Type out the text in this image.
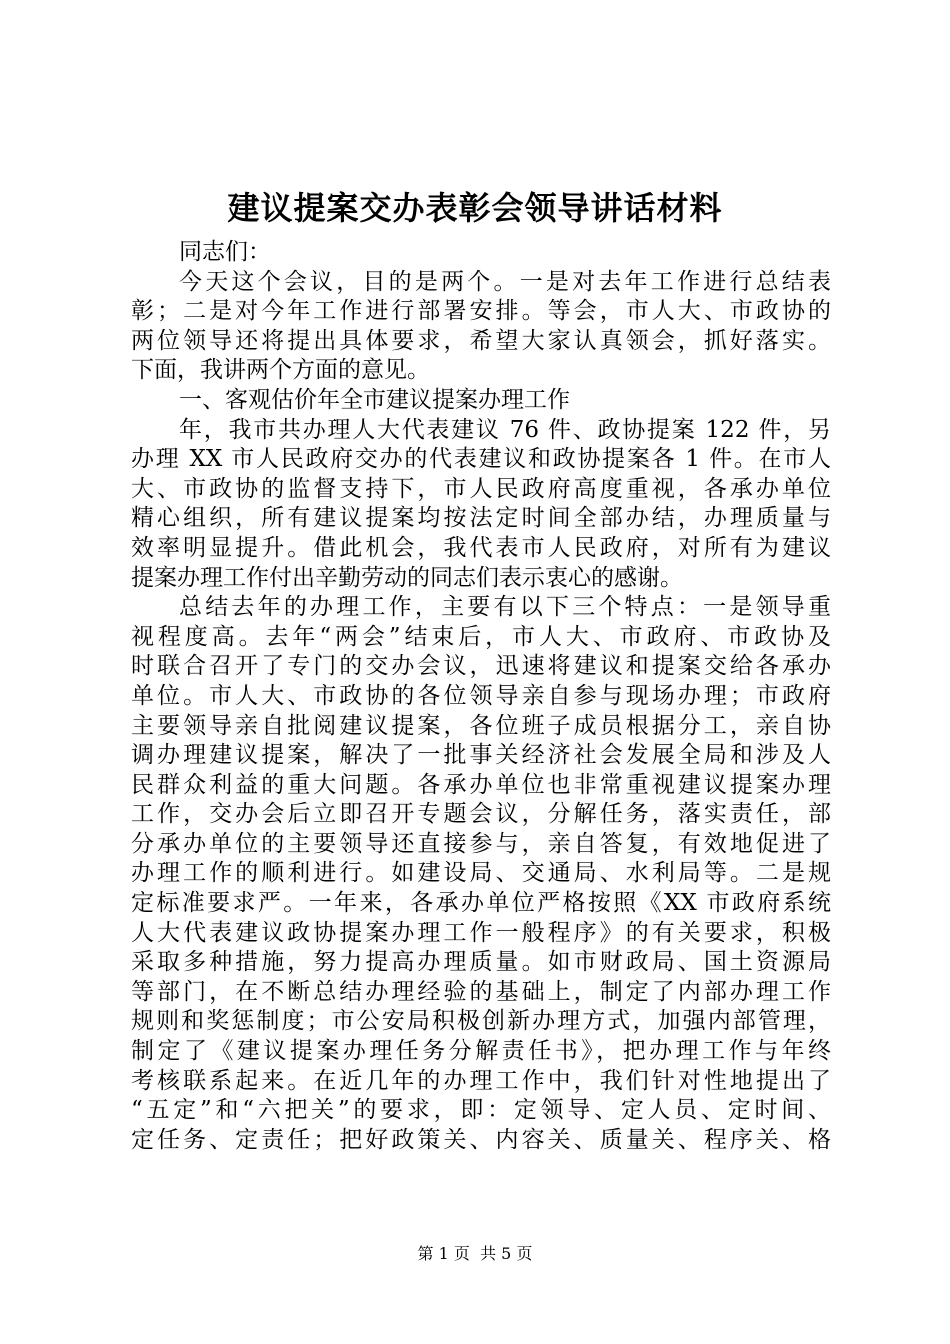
建议提案交办表彰会领导讲话材料
同志们：
今天这个会议，目的是两个。一是对去年工作进行总结表
彰；二是对今年工作进行部署安排。等会，市人大、市政协的
两位领导还将提出具体要求，希望大家认真领会，抓好落实。
下面，我讲两个方面的意见。
一、客观估价年全市建议提案办理工作
年，我市共办理人大代表建议 76 件、政协提案 122 件，另
办理 XX 市人民政府交办的代表建议和政协提案各 1 件。在市人
大、市政协的监督支持下，市人民政府高度重视，各承办单位
精心组织，所有建议提案均按法定时间全部办结，办理质量与
效率明显提升。借此机会，我代表市人民政府，对所有为建议
提案办理工作付出辛勤劳动的同志们表示衷心的感谢。
总结去年的办理工作，主要有以下三个特点：一是领导重
视程度高。去年“两会”结束后，市人大、市政府、市政协及
时联合召开了专门的交办会议，迅速将建议和提案交给各承办
单位。市人大、市政协的各位领导亲自参与现场办理；市政府
主要领导亲自批阅建议提案，各位班子成员根据分工，亲自协
调办理建议提案，解决了一批事关经济社会发展全局和涉及人
民群众利益的重大问题。各承办单位也非常重视建议提案办理
工作，交办会后立即召开专题会议，分解任务，落实责任，部
分承办单位的主要领导还直接参与，亲自答复，有效地促进了
办理工作的顺利进行。如建设局、交通局、水利局等。二是规
定标准要求严。一年来，各承办单位严格按照《XX 市政府系统
人大代表建议政协提案办理工作一般程序》的有关要求，积极
采取多种措施，努力提高办理质量。如市财政局、国土资源局
等部门，在不断总结办理经验的基础上，制定了内部办理工作
规则和奖惩制度；市公安局积极创新办理方式，加强内部管理，
制定了《建议提案办理任务分解责任书》，把办理工作与年终
考核联系起来。在近几年的办理工作中，我们针对性地提出了
“五定”和“六把关”的要求，即：定领导、定人员、定时间、
定任务、定责任；把好政策关、内容关、质量关、程序关、格
第 1 页  共 5 页
